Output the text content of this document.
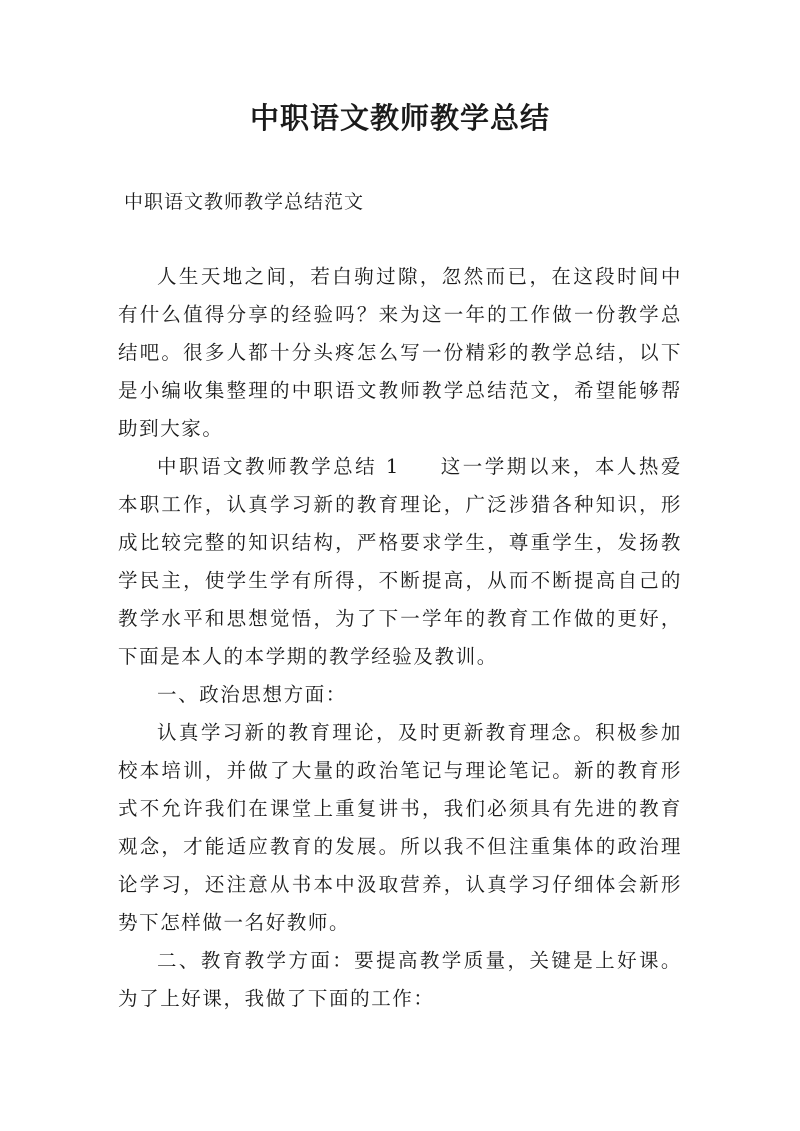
中职语文教师教学总结
中职语文教师教学总结范文

人生天地之间，若白驹过隙，忽然而已，在这段时间中有什么值得分享的经验吗？来为这一年的工作做一份教学总结吧。很多人都十分头疼怎么写一份精彩的教学总结，以下是小编收集整理的中职语文教师教学总结范文，希望能够帮助到大家。

中职语文教师教学总结 1 这一学期以来，本人热爱本职工作，认真学习新的教育理论，广泛涉猎各种知识，形成比较完整的知识结构，严格要求学生，尊重学生，发扬教学民主，使学生学有所得，不断提高，从而不断提高自己的教学水平和思想觉悟，为了下一学年的教育工作做的更好，下面是本人的本学期的教学经验及教训。

一、政治思想方面：

认真学习新的教育理论，及时更新教育理念。积极参加校本培训，并做了大量的政治笔记与理论笔记。新的教育形式不允许我们在课堂上重复讲书，我们必须具有先进的教育观念，才能适应教育的发展。所以我不但注重集体的政治理论学习，还注意从书本中汲取营养，认真学习仔细体会新形势下怎样做一名好教师。

二、教育教学方面：要提高教学质量，关键是上好课。为了上好课，我做了下面的工作：
